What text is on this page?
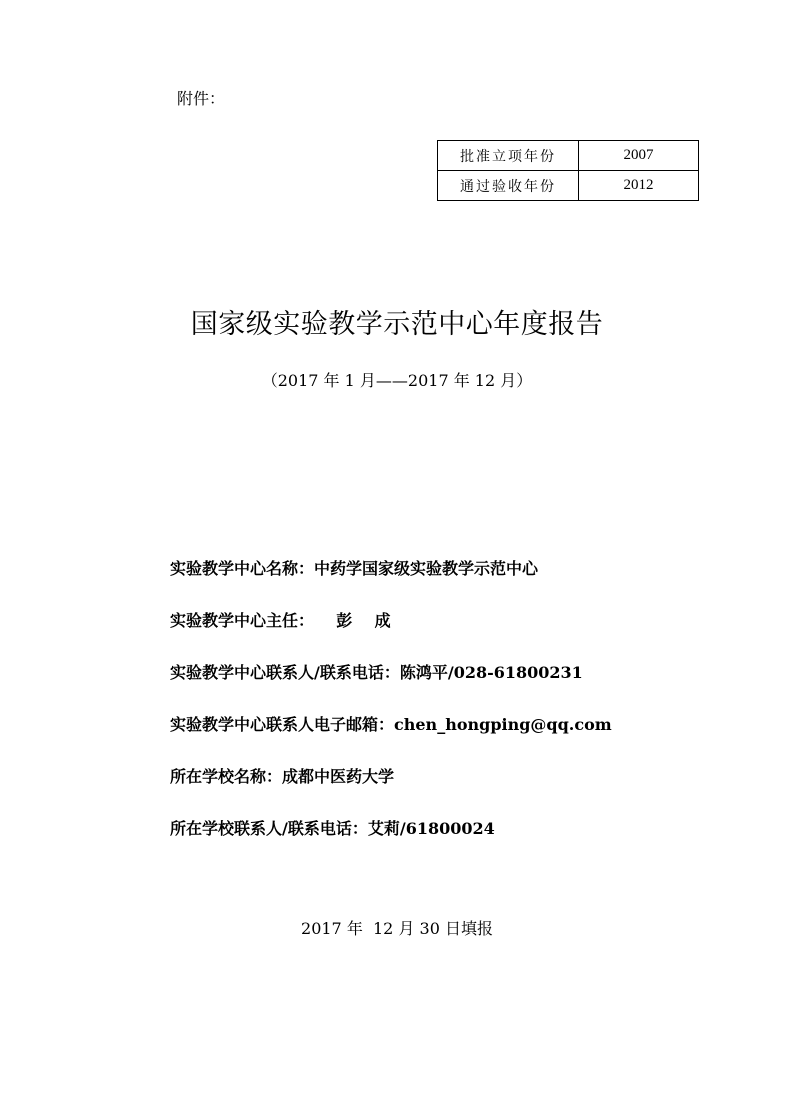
附件：
批准立项年份	2007
通过验收年份	2012
国家级实验教学示范中心年度报告
（2017 年 1 月——2017 年 12 月）
实验教学中心名称：中药学国家级实验教学示范中心
实验教学中心主任：    彭    成
实验教学中心联系人/联系电话：陈鸿平/028-61800231
实验教学中心联系人电子邮箱：chen_hongping@qq.com
所在学校名称：成都中医药大学
所在学校联系人/联系电话：艾莉/61800024
2017 年  12 月 30 日填报
